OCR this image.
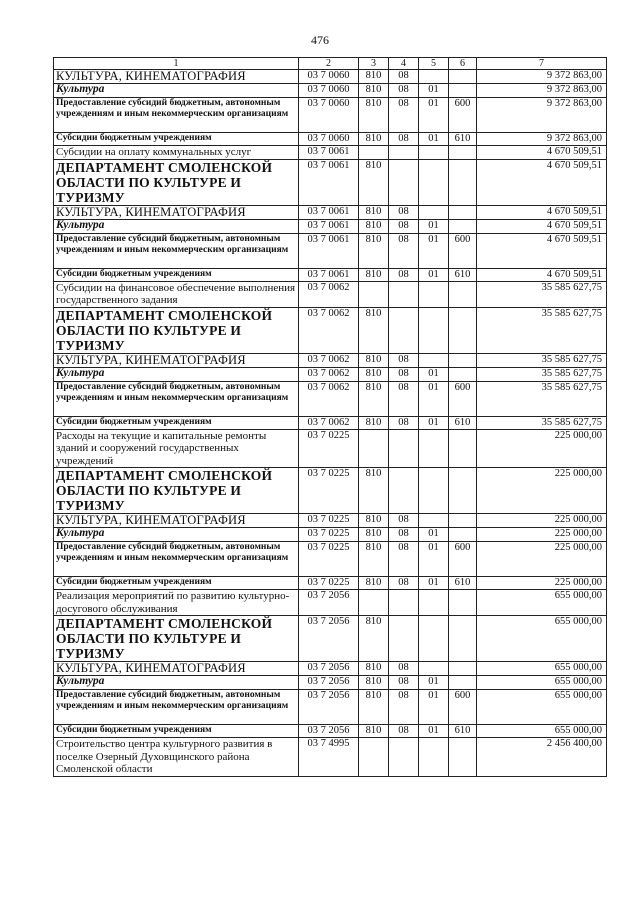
476
1	2	3	4	5	6	7
КУЛЬТУРА, КИНЕМАТОГРАФИЯ	03 7 0060	810	08			9 372 863,00
Культура	03 7 0060	810	08	01		9 372 863,00
Предоставление субсидий бюджетным, автономным учреждениям и иным некоммерческим организациям	03 7 0060	810	08	01	600	9 372 863,00
Субсидии бюджетным учреждениям	03 7 0060	810	08	01	610	9 372 863,00
Субсидии на оплату коммунальных услуг	03 7 0061					4 670 509,51
ДЕПАРТАМЕНТ СМОЛЕНСКОЙ ОБЛАСТИ ПО КУЛЬТУРЕ И ТУРИЗМУ	03 7 0061	810				4 670 509,51
КУЛЬТУРА, КИНЕМАТОГРАФИЯ	03 7 0061	810	08			4 670 509,51
Культура	03 7 0061	810	08	01		4 670 509,51
Предоставление субсидий бюджетным, автономным учреждениям и иным некоммерческим организациям	03 7 0061	810	08	01	600	4 670 509,51
Субсидии бюджетным учреждениям	03 7 0061	810	08	01	610	4 670 509,51
Субсидии на финансовое обеспечение выполнения государственного задания	03 7 0062					35 585 627,75
ДЕПАРТАМЕНТ СМОЛЕНСКОЙ ОБЛАСТИ ПО КУЛЬТУРЕ И ТУРИЗМУ	03 7 0062	810				35 585 627,75
КУЛЬТУРА, КИНЕМАТОГРАФИЯ	03 7 0062	810	08			35 585 627,75
Культура	03 7 0062	810	08	01		35 585 627,75
Предоставление субсидий бюджетным, автономным учреждениям и иным некоммерческим организациям	03 7 0062	810	08	01	600	35 585 627,75
Субсидии бюджетным учреждениям	03 7 0062	810	08	01	610	35 585 627,75
Расходы на текущие и капитальные ремонты зданий и сооружений государственных учреждений	03 7 0225					225 000,00
ДЕПАРТАМЕНТ СМОЛЕНСКОЙ ОБЛАСТИ ПО КУЛЬТУРЕ И ТУРИЗМУ	03 7 0225	810				225 000,00
КУЛЬТУРА, КИНЕМАТОГРАФИЯ	03 7 0225	810	08			225 000,00
Культура	03 7 0225	810	08	01		225 000,00
Предоставление субсидий бюджетным, автономным учреждениям и иным некоммерческим организациям	03 7 0225	810	08	01	600	225 000,00
Субсидии бюджетным учреждениям	03 7 0225	810	08	01	610	225 000,00
Реализация мероприятий по развитию культурно-досугового обслуживания	03 7 2056					655 000,00
ДЕПАРТАМЕНТ СМОЛЕНСКОЙ ОБЛАСТИ ПО КУЛЬТУРЕ И ТУРИЗМУ	03 7 2056	810				655 000,00
КУЛЬТУРА, КИНЕМАТОГРАФИЯ	03 7 2056	810	08			655 000,00
Культура	03 7 2056	810	08	01		655 000,00
Предоставление субсидий бюджетным, автономным учреждениям и иным некоммерческим организациям	03 7 2056	810	08	01	600	655 000,00
Субсидии бюджетным учреждениям	03 7 2056	810	08	01	610	655 000,00
Строительство центра культурного развития в поселке Озерный Духовщинского района Смоленской области	03 7 4995					2 456 400,00
